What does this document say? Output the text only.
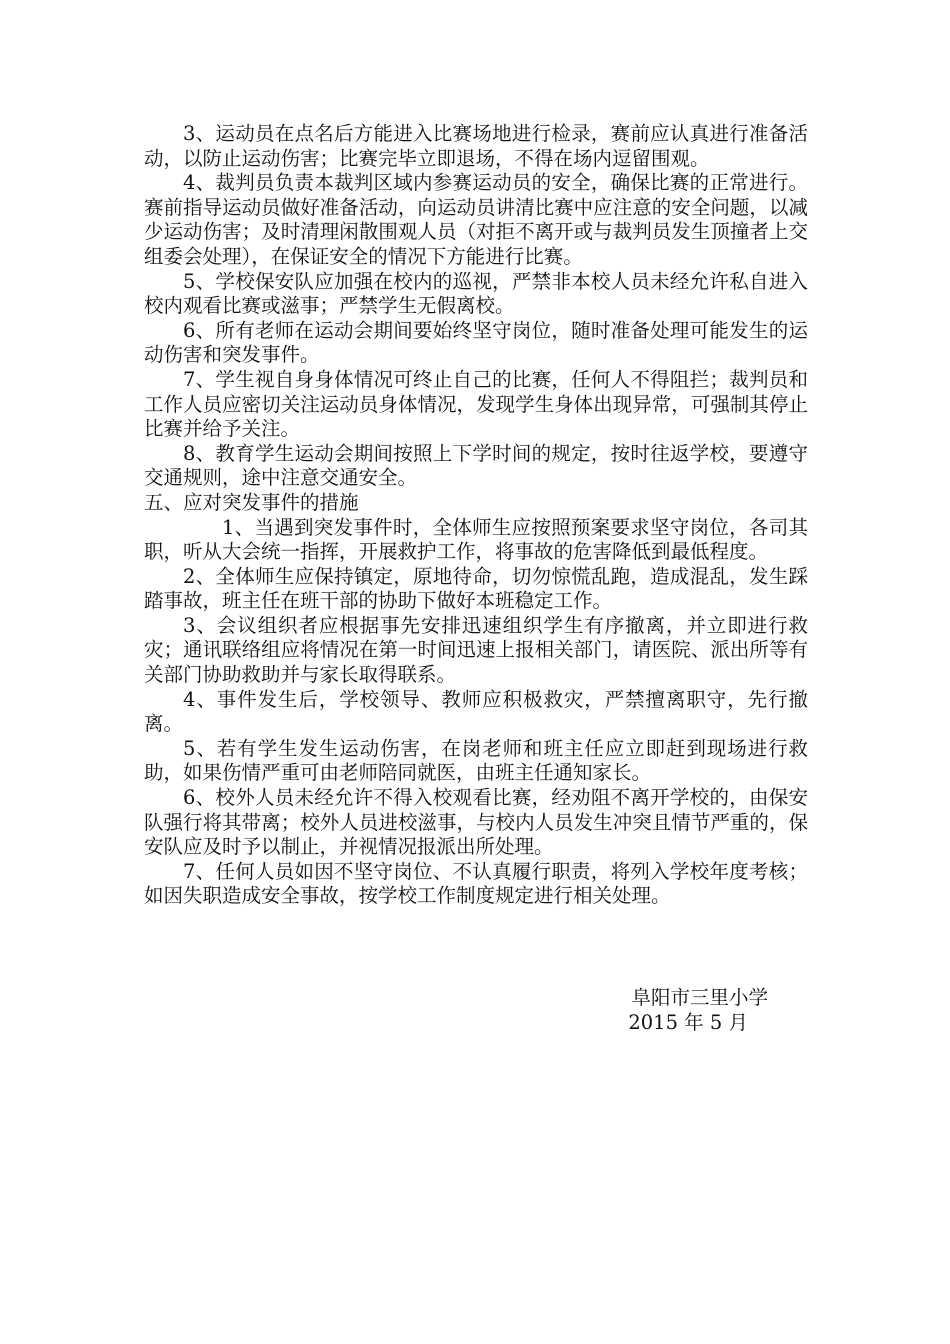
3、运动员在点名后方能进入比赛场地进行检录，赛前应认真进行准备活动，以防止运动伤害；比赛完毕立即退场，不得在场内逗留围观。

4、裁判员负责本裁判区域内参赛运动员的安全，确保比赛的正常进行。赛前指导运动员做好准备活动，向运动员讲清比赛中应注意的安全问题，以减少运动伤害；及时清理闲散围观人员（对拒不离开或与裁判员发生顶撞者上交组委会处理），在保证安全的情况下方能进行比赛。

5、学校保安队应加强在校内的巡视，严禁非本校人员未经允许私自进入校内观看比赛或滋事；严禁学生无假离校。

6、所有老师在运动会期间要始终坚守岗位，随时准备处理可能发生的运动伤害和突发事件。

7、学生视自身身体情况可终止自己的比赛，任何人不得阻拦；裁判员和工作人员应密切关注运动员身体情况，发现学生身体出现异常，可强制其停止比赛并给予关注。

8、教育学生运动会期间按照上下学时间的规定，按时往返学校，要遵守交通规则，途中注意交通安全。

五、应对突发事件的措施

1、当遇到突发事件时，全体师生应按照预案要求坚守岗位，各司其职，听从大会统一指挥，开展救护工作，将事故的危害降低到最低程度。

2、全体师生应保持镇定，原地待命，切勿惊慌乱跑，造成混乱，发生踩踏事故，班主任在班干部的协助下做好本班稳定工作。

3、会议组织者应根据事先安排迅速组织学生有序撤离，并立即进行救灾；通讯联络组应将情况在第一时间迅速上报相关部门，请医院、派出所等有关部门协助救助并与家长取得联系。

4、事件发生后，学校领导、教师应积极救灾，严禁擅离职守，先行撤离。

5、若有学生发生运动伤害，在岗老师和班主任应立即赶到现场进行救助，如果伤情严重可由老师陪同就医，由班主任通知家长。

6、校外人员未经允许不得入校观看比赛，经劝阻不离开学校的，由保安队强行将其带离；校外人员进校滋事，与校内人员发生冲突且情节严重的，保安队应及时予以制止，并视情况报派出所处理。

7、任何人员如因不坚守岗位、不认真履行职责，将列入学校年度考核；如因失职造成安全事故，按学校工作制度规定进行相关处理。

阜阳市三里小学

2015 年 5 月
